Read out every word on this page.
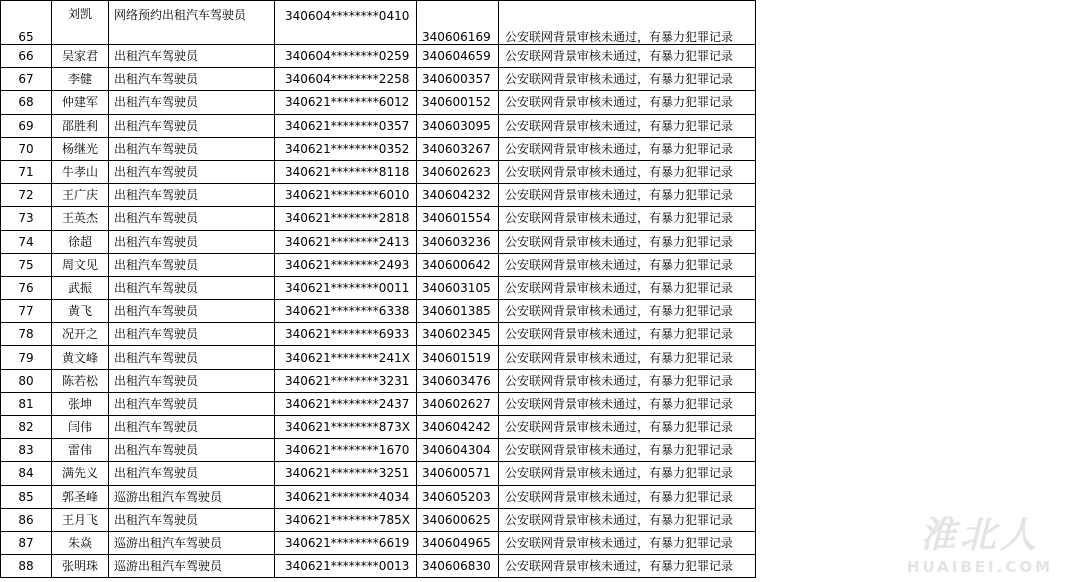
65	刘凯	网络预约出租汽车驾驶员	340604********0410	340606169	公安联网背景审核未通过，有暴力犯罪记录	
66	吴家君	出租汽车驾驶员	340604********0259	340604659	公安联网背景审核未通过，有暴力犯罪记录	
67	李健	出租汽车驾驶员	340604********2258	340600357	公安联网背景审核未通过，有暴力犯罪记录	
68	仲建军	出租汽车驾驶员	340621********6012	340600152	公安联网背景审核未通过，有暴力犯罪记录	
69	邵胜利	出租汽车驾驶员	340621********0357	340603095	公安联网背景审核未通过，有暴力犯罪记录	
70	杨继光	出租汽车驾驶员	340621********0352	340603267	公安联网背景审核未通过，有暴力犯罪记录	
71	牛孝山	出租汽车驾驶员	340621********8118	340602623	公安联网背景审核未通过，有暴力犯罪记录	
72	王广庆	出租汽车驾驶员	340621********6010	340604232	公安联网背景审核未通过，有暴力犯罪记录	
73	王英杰	出租汽车驾驶员	340621********2818	340601554	公安联网背景审核未通过，有暴力犯罪记录	
74	徐超	出租汽车驾驶员	340621********2413	340603236	公安联网背景审核未通过，有暴力犯罪记录	
75	周文见	出租汽车驾驶员	340621********2493	340600642	公安联网背景审核未通过，有暴力犯罪记录	
76	武振	出租汽车驾驶员	340621********0011	340603105	公安联网背景审核未通过，有暴力犯罪记录	
77	黄飞	出租汽车驾驶员	340621********6338	340601385	公安联网背景审核未通过，有暴力犯罪记录	
78	况开之	出租汽车驾驶员	340621********6933	340602345	公安联网背景审核未通过，有暴力犯罪记录	
79	黄文峰	出租汽车驾驶员	340621********241X	340601519	公安联网背景审核未通过，有暴力犯罪记录	
80	陈若松	出租汽车驾驶员	340621********3231	340603476	公安联网背景审核未通过，有暴力犯罪记录	
81	张坤	出租汽车驾驶员	340621********2437	340602627	公安联网背景审核未通过，有暴力犯罪记录	
82	闫伟	出租汽车驾驶员	340621********873X	340604242	公安联网背景审核未通过，有暴力犯罪记录	
83	雷伟	出租汽车驾驶员	340621********1670	340604304	公安联网背景审核未通过，有暴力犯罪记录	
84	满先义	出租汽车驾驶员	340621********3251	340600571	公安联网背景审核未通过，有暴力犯罪记录	
85	郭圣峰	巡游出租汽车驾驶员	340621********4034	340605203	公安联网背景审核未通过，有暴力犯罪记录	
86	王月飞	出租汽车驾驶员	340621********785X	340600625	公安联网背景审核未通过，有暴力犯罪记录	
87	朱焱	巡游出租汽车驾驶员	340621********6619	340604965	公安联网背景审核未通过，有暴力犯罪记录	
88	张明珠	巡游出租汽车驾驶员	340621********0013	340606830	公安联网背景审核未通过，有暴力犯罪记录	
淮北人
HUAIBEI.COM
